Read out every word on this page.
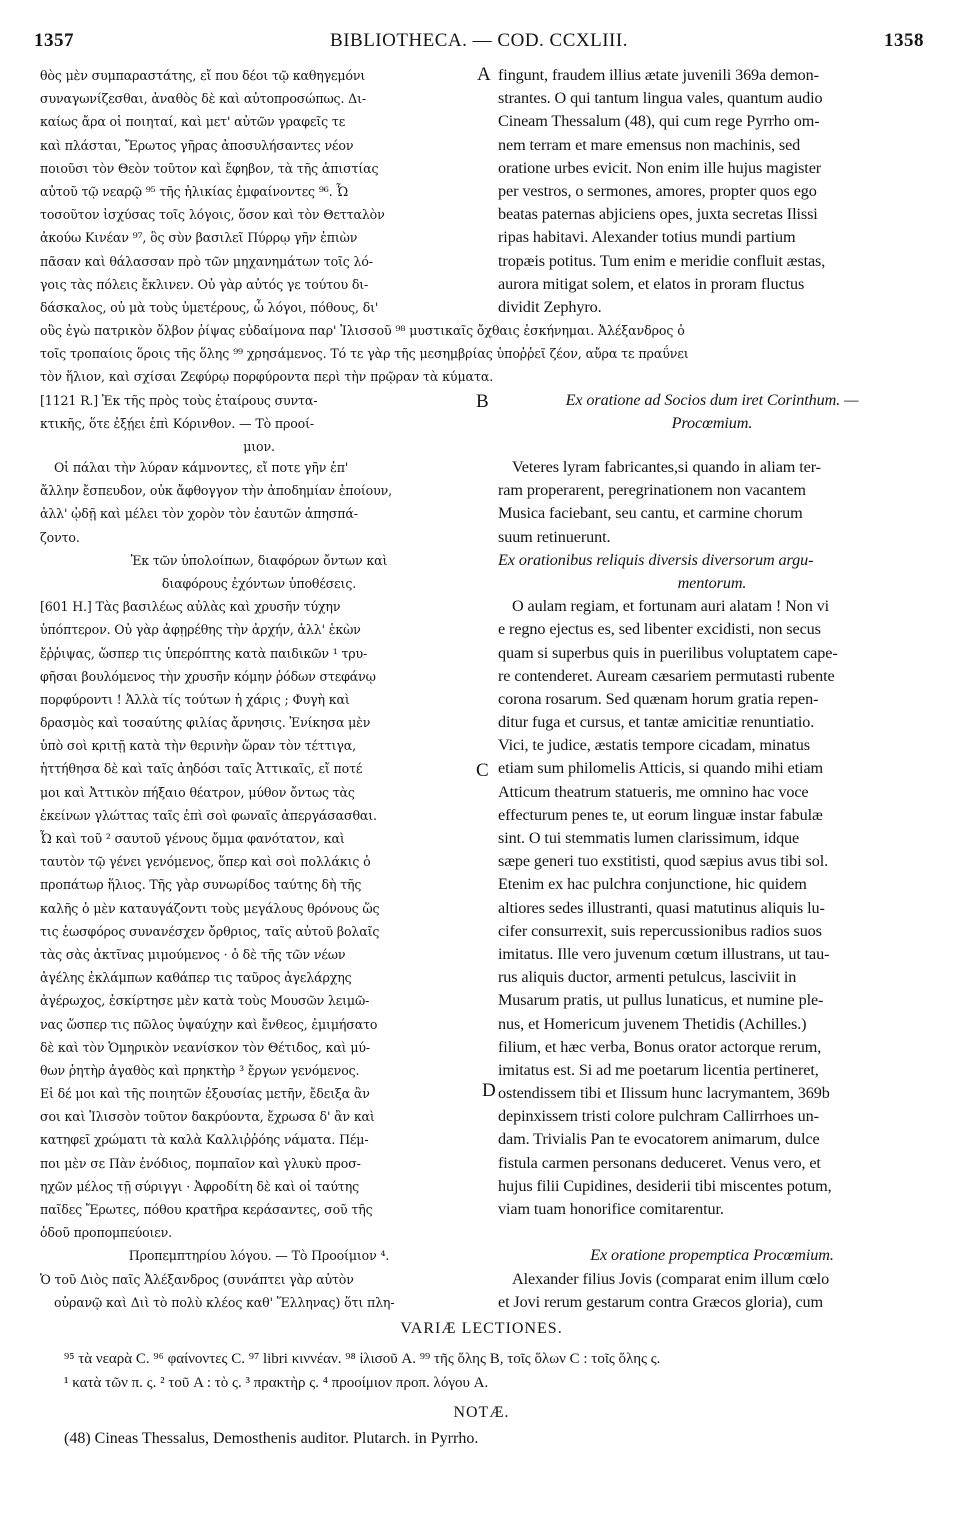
1357	BIBLIOTHECA. — COD. CCXLIII.	1358
θὸς μὲν συμπαραστάτης, εἴ που δέοι τῷ καθηγεμόνι
συναγωνίζεσθαι, ἀναθὸς δὲ καὶ αὐτοπροσώπως. Δι-
καίως ἄρα οἱ ποιηταί, καὶ μετ' αὐτῶν γραφεῖς τε
καὶ πλάσται, Ἔρωτος γῆρας ἀποσυλήσαντες νέον
ποιοῦσι τὸν Θεὸν τοῦτον καὶ ἔφηβον, τὰ τῆς ἀπιστίας
αὐτοῦ τῷ νεαρῷ ⁹⁵ τῆς ἡλικίας ἐμφαίνοντες ⁹⁶. Ὦ
τοσοῦτον ἰσχύσας τοῖς λόγοις, ὅσον καὶ τὸν Θετταλὸν
ἀκούω Κινέαν ⁹⁷, ὃς σὺν βασιλεῖ Πύρρῳ γῆν ἐπιὼν
πᾶσαν καὶ θάλασσαν πρὸ τῶν μηχανημάτων τοῖς λό-
γοις τὰς πόλεις ἔκλινεν. Οὐ γὰρ αὐτός γε τούτου δι-
δάσκαλος, οὐ μὰ τοὺς ὑμετέρους, ὦ λόγοι, πόθους, δι'
fingunt, fraudem illius ætate juvenili 369a demon-
strantes. O qui tantum lingua vales, quantum audio
Cineam Thessalum (48), qui cum rege Pyrrho om-
nem terram et mare emensus non machinis, sed
oratione urbes evicit. Non enim ille hujus magister
per vestros, o sermones, amores, propter quos ego
beatas paternas abjiciens opes, juxta secretas Ilissi
ripas habitavi. Alexander totius mundi partium
tropæis potitus. Tum enim e meridie confluit æstas,
aurora mitigat solem, et elatos in proram fluctus
dividit Zephyro.
A
οὓς ἐγὼ πατρικὸν ὄλβον ῥίψας εὐδαίμονα παρ' Ἰλισσοῦ ⁹⁸ μυστικαῖς ὄχθαις ἐσκήνημαι. Ἀλέξανδρος ὁ
τοῖς τροπαίοις ὅροις τῆς ὅλης ⁹⁹ χρησάμενος. Τό τε γὰρ τῆς μεσημβρίας ὑποῤῥεῖ ζέον, αὔρα τε πραΰνει
τὸν ἥλιον, καὶ σχίσαι Ζεφύρῳ πορφύροντα περὶ τὴν πρῷραν τὰ κύματα.
[1121 R.] Ἐκ τῆς πρὸς τοὺς ἑταίρους συντα-
κτικῆς, ὅτε ἐξῄει ἐπὶ Κόρινθον. — Τὸ προοί-
μιον.
Ex oratione ad Socios dum iret Corinthum. —
Procœmium.
B
Οἱ πάλαι τὴν λύραν κάμνοντες, εἴ ποτε γῆν ἐπ'
ἄλλην ἔσπευδον, οὐκ ἄφθογγον τὴν ἀποδημίαν ἐποίουν,
ἀλλ' ᾠδῇ καὶ μέλει τὸν χορὸν τὸν ἑαυτῶν ἀπησπά-
ζοντο.
Ἐκ τῶν ὑπολοίπων, διαφόρων ὄντων καὶ
διαφόρους ἐχόντων ὑποθέσεις.
[601 H.] Τὰς βασιλέως αὐλὰς καὶ χρυσῆν τύχην
ὑπόπτερον. Οὐ γὰρ ἀφῃρέθης τὴν ἀρχήν, ἀλλ' ἑκὼν
ἔῤῥιψας, ὥσπερ τις ὑπερόπτης κατὰ παιδικῶν ¹ τρυ-
φῆσαι βουλόμενος τὴν χρυσῆν κόμην ῥόδων στεφάνῳ
πορφύροντι ! Ἀλλὰ τίς τούτων ἡ χάρις ; Φυγὴ καὶ
δρασμὸς καὶ τοσαύτης φιλίας ἄρνησις. Ἐνίκησα μὲν
ὑπὸ σοὶ κριτῇ κατὰ τὴν θερινὴν ὥραν τὸν τέττιγα,
ἡττήθησα δὲ καὶ ταῖς ἀηδόσι ταῖς Ἀττικαῖς, εἴ ποτέ
μοι καὶ Ἀττικὸν πήξαιο θέατρον, μύθον ὄντως τὰς
ἐκείνων γλώττας ταῖς ἐπὶ σοὶ φωναῖς ἀπεργάσασθαι.
Ὦ καὶ τοῦ ² σαυτοῦ γένους ὄμμα φανότατον, καὶ
ταυτὸν τῷ γένει γενόμενος, ὅπερ καὶ σοὶ πολλάκις ὁ
προπάτωρ ἥλιος. Τῆς γὰρ συνωρίδος ταύτης δὴ τῆς
καλῆς ὁ μὲν καταυγάζοντι τοὺς μεγάλους θρόνους ὥς
τις ἑωσφόρος συνανέσχεν ὄρθριος, ταῖς αὐτοῦ βολαῖς
τὰς σὰς ἀκτῖνας μιμούμενος · ὁ δὲ τῆς τῶν νέων
ἀγέλης ἐκλάμπων καθάπερ τις ταῦρος ἀγελάρχης
ἀγέρωχος, ἐσκίρτησε μὲν κατὰ τοὺς Μουσῶν λειμῶ-
νας ὥσπερ τις πῶλος ὑψαύχην καὶ ἔνθεος, ἐμιμήσατο
δὲ καὶ τὸν Ὁμηρικὸν νεανίσκον τὸν Θέτιδος, καὶ μύ-
θων ῥητὴρ ἀγαθὸς καὶ πρηκτὴρ ³ ἔργων γενόμενος.
Εἰ δέ μοι καὶ τῆς ποιητῶν ἐξουσίας μετῆν, ἔδειξα ἂν
σοι καὶ Ἰλισσὸν τοῦτον δακρύοντα, ἔχρωσα δ' ἂν καὶ
κατηφεῖ χρώματι τὰ καλὰ Καλλιῤῥόης νάματα. Πέμ-
ποι μὲν σε Πὰν ἐνόδιος, πομπαῖον καὶ γλυκὺ προσ-
ηχῶν μέλος τῇ σύριγγι · Ἀφροδίτη δὲ καὶ οἱ ταύτης
παῖδες Ἔρωτες, πόθου κρατῆρα κεράσαντες, σοῦ τῆς
ὁδοῦ προπομπεύοιεν.
Προπεμπτηρίου λόγου. — Τὸ Προοίμιον ⁴.
Ὁ τοῦ Διὸς παῖς Ἀλέξανδρος (συνάπτει γὰρ αὐτὸν
οὐρανῷ καὶ Διὶ τὸ πολὺ κλέος καθ' Ἕλληνας) ὅτι πλη-
Veteres lyram fabricantes,si quando in aliam ter-
ram properarent, peregrinationem non vacantem
Musica faciebant, seu cantu, et carmine chorum
suum retinuerunt.
Ex orationibus reliquis diversis diversorum argu-
mentorum.
O aulam regiam, et fortunam auri alatam ! Non vi
e regno ejectus es, sed libenter excidisti, non secus
quam si superbus quis in puerilibus voluptatem cape-
re contenderet. Auream cæsariem permutasti rubente
corona rosarum. Sed quænam horum gratia repen-
ditur fuga et cursus, et tantæ amicitiæ renuntiatio.
Vici, te judice, æstatis tempore cicadam, minatus
etiam sum philomelis Atticis, si quando mihi etiam
Atticum theatrum statueris, me omnino hac voce
effecturum penes te, ut eorum linguæ instar fabulæ
sint. O tui stemmatis lumen clarissimum, idque
sæpe generi tuo exstitisti, quod sæpius avus tibi sol.
Etenim ex hac pulchra conjunctione, hic quidem
altiores sedes illustranti, quasi matutinus aliquis lu-
cifer consurrexit, suis repercussionibus radios suos
imitatus. Ille vero juvenum cœtum illustrans, ut tau-
rus aliquis ductor, armenti petulcus, lasciviit in
Musarum pratis, ut pullus lunaticus, et numine ple-
nus, et Homericum juvenem Thetidis (Achilles.)
filium, et hæc verba, Bonus orator actorque rerum,
imitatus est. Si ad me poetarum licentia pertineret,
ostendissem tibi et Ilissum hunc lacrymantem, 369b
depinxissem tristi colore pulchram Callirrhoes un-
dam. Trivialis Pan te evocatorem animarum, dulce
fistula carmen personans deduceret. Venus vero, et
hujus filii Cupidines, desiderii tibi miscentes potum,
viam tuam honorifice comitarentur.
Ex oratione propemptica Procœmium.
Alexander filius Jovis (comparat enim illum cœlo
et Jovi rerum gestarum contra Græcos gloria), cum
C
D
VARIÆ LECTIONES.
⁹⁵ τὰ νεαρὰ C. ⁹⁶ φαίνοντες C. ⁹⁷ libri κιννέαν. ⁹⁸ ἰλισοῦ A. ⁹⁹ τῆς ὅλης B, τοῖς ὅλων C : τοῖς ὅλης ς.
¹ κατὰ τῶν π. ς. ² τοῦ A : τὸ ς. ³ πρακτὴρ ς. ⁴ προοίμιον προπ. λόγου A.
NOTÆ.
(48) Cineas Thessalus, Demosthenis auditor. Plutarch. in Pyrrho.
